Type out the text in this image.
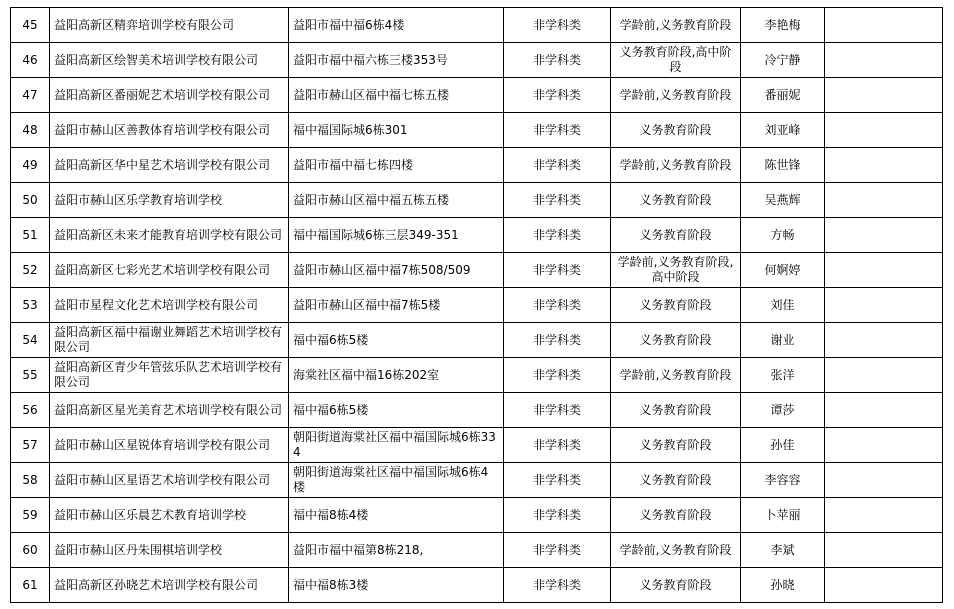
45	益阳高新区精弈培训学校有限公司	益阳市福中福6栋4楼	非学科类	学龄前,义务教育阶段	李艳梅	
46	益阳高新区绘智美术培训学校有限公司	益阳市福中福六栋三楼353号	非学科类	义务教育阶段,高中阶段	冷宁静	
47	益阳高新区番丽妮艺术培训学校有限公司	益阳市赫山区福中福七栋五楼	非学科类	学龄前,义务教育阶段	番丽妮	
48	益阳市赫山区善教体育培训学校有限公司	福中福国际城6栋301	非学科类	义务教育阶段	刘亚峰	
49	益阳高新区华中星艺术培训学校有限公司	益阳市福中福七栋四楼	非学科类	学龄前,义务教育阶段	陈世锋	
50	益阳市赫山区乐学教育培训学校	益阳市赫山区福中福五栋五楼	非学科类	义务教育阶段	吴燕辉	
51	益阳高新区未来才能教育培训学校有限公司	福中福国际城6栋三层349-351	非学科类	义务教育阶段	方畅	
52	益阳高新区七彩光艺术培训学校有限公司	益阳市赫山区福中福7栋508/509	非学科类	学龄前,义务教育阶段,高中阶段	何婀婷	
53	益阳市星程文化艺术培训学校有限公司	益阳市赫山区福中福7栋5楼	非学科类	义务教育阶段	刘佳	
54	益阳高新区福中福谢业舞蹈艺术培训学校有限公司	福中福6栋5楼	非学科类	义务教育阶段	谢业	
55	益阳高新区青少年管弦乐队艺术培训学校有限公司	海棠社区福中福16栋202室	非学科类	学龄前,义务教育阶段	张洋	
56	益阳高新区星光美育艺术培训学校有限公司	福中福6栋5楼	非学科类	义务教育阶段	谭莎	
57	益阳市赫山区星锐体育培训学校有限公司	朝阳街道海棠社区福中福国际城6栋334	非学科类	义务教育阶段	孙佳	
58	益阳市赫山区星语艺术培训学校有限公司	朝阳街道海棠社区福中福国际城6栋4楼	非学科类	义务教育阶段	李容容	
59	益阳市赫山区乐晨艺术教育培训学校	福中福8栋4楼	非学科类	义务教育阶段	卜苹丽	
60	益阳市赫山区丹朱围棋培训学校	益阳市福中福第8栋218,	非学科类	学龄前,义务教育阶段	李斌	
61	益阳高新区孙晓艺术培训学校有限公司	福中福8栋3楼	非学科类	义务教育阶段	孙晓	
